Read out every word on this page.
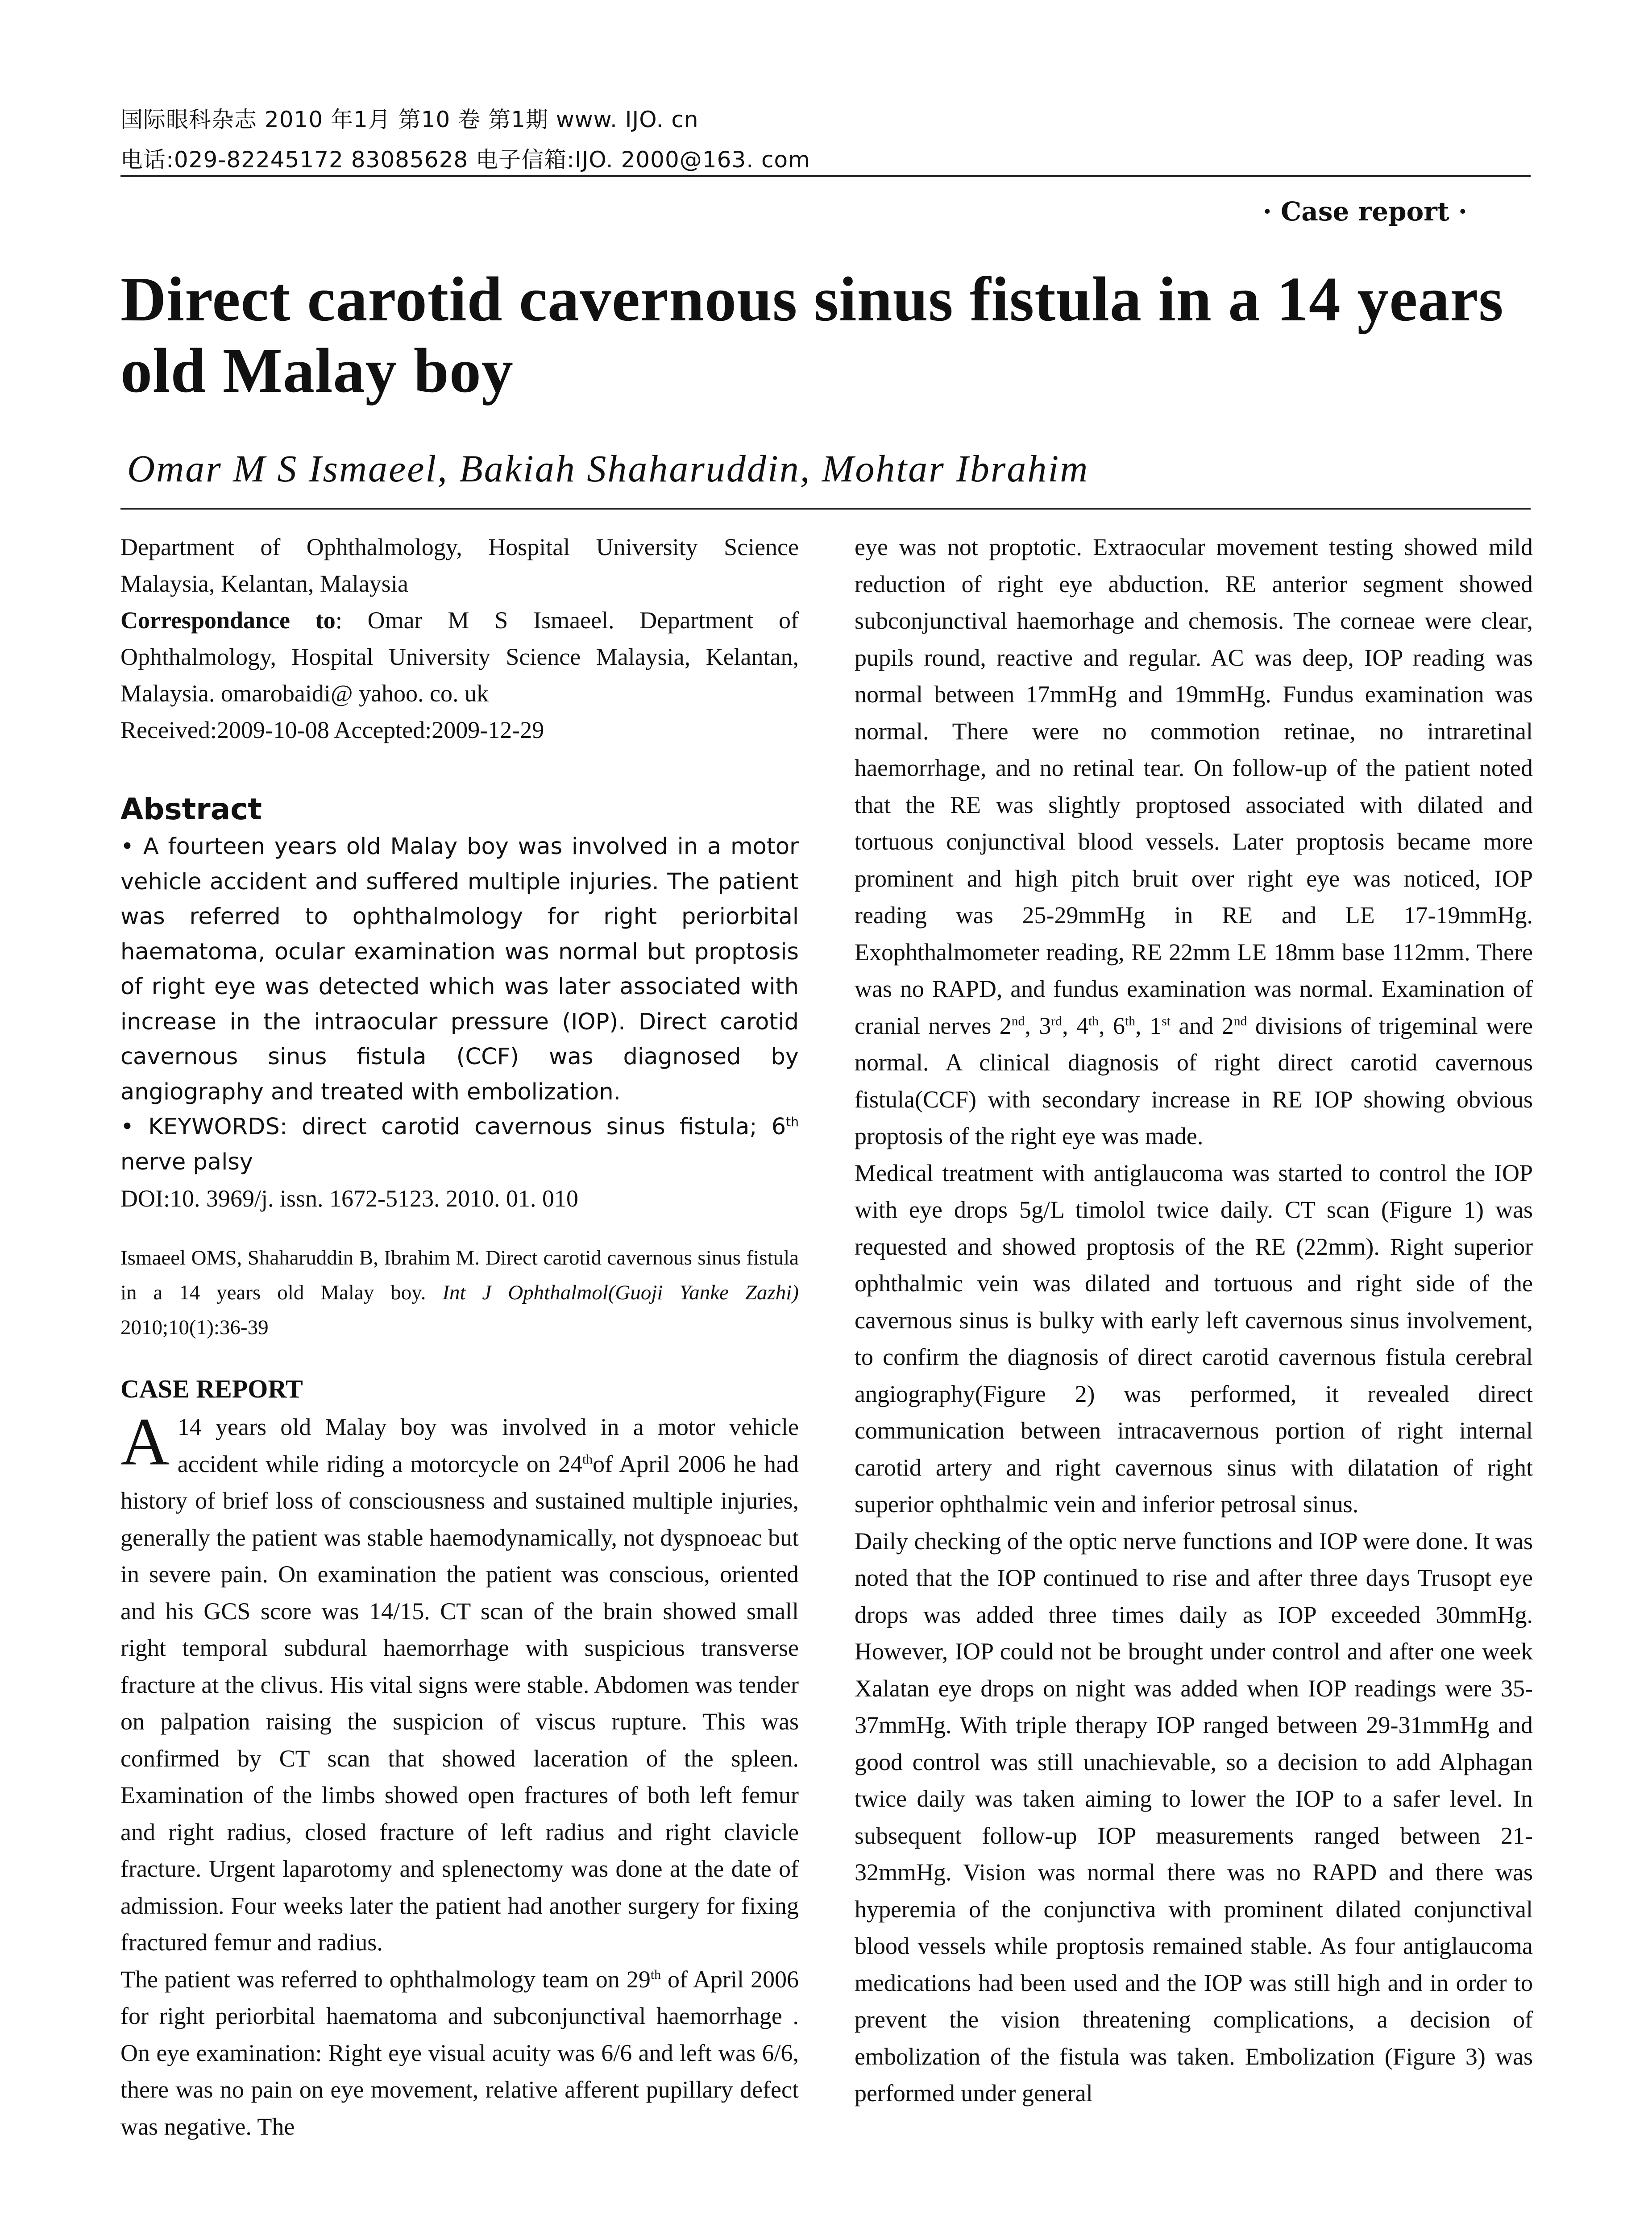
国际眼科杂志 2010 年1月 第10 卷 第1期 www. IJO. cn
电话:029-82245172 83085628 电子信箱:IJO. 2000@163. com
· Case report ·
Direct carotid cavernous sinus fistula in a 14 years old Malay boy
Omar M S Ismaeel, Bakiah Shaharuddin, Mohtar Ibrahim

Department of Ophthalmology, Hospital University Science Malaysia, Kelantan, Malaysia

Correspondance to: Omar M S Ismaeel. Department of Ophthalmology, Hospital University Science Malaysia, Kelantan, Malaysia. omarobaidi@ yahoo. co. uk

Received:2009-10-08 Accepted:2009-12-29

Abstract

• A fourteen years old Malay boy was involved in a motor vehicle accident and suffered multiple injuries. The patient was referred to ophthalmology for right periorbital haematoma, ocular examination was normal but proptosis of right eye was detected which was later associated with increase in the intraocular pressure (IOP). Direct carotid cavernous sinus fistula (CCF) was diagnosed by angiography and treated with embolization.

• KEYWORDS: direct carotid cavernous sinus fistula; 6th nerve palsy

DOI:10. 3969/j. issn. 1672-5123. 2010. 01. 010

Ismaeel OMS, Shaharuddin B, Ibrahim M. Direct carotid cavernous sinus fistula in a 14 years old Malay boy. Int J Ophthalmol(Guoji Yanke Zazhi) 2010;10(1):36-39

CASE REPORT

A 14 years old Malay boy was involved in a motor vehicle accident while riding a motorcycle on 24thof April 2006 he had history of brief loss of consciousness and sustained multiple injuries, generally the patient was stable haemodynamically, not dyspnoeac but in severe pain. On examination the patient was conscious, oriented and his GCS score was 14/15. CT scan of the brain showed small right temporal subdural haemorrhage with suspicious transverse fracture at the clivus. His vital signs were stable. Abdomen was tender on palpation raising the suspicion of viscus rupture. This was confirmed by CT scan that showed laceration of the spleen. Examination of the limbs showed open fractures of both left femur and right radius, closed fracture of left radius and right clavicle fracture. Urgent laparotomy and splenectomy was done at the date of admission. Four weeks later the patient had another surgery for fixing fractured femur and radius.

The patient was referred to ophthalmology team on 29th of April 2006 for right periorbital haematoma and subconjunctival haemorrhage . On eye examination: Right eye visual acuity was 6/6 and left was 6/6, there was no pain on eye movement, relative afferent pupillary defect was negative. The

eye was not proptotic. Extraocular movement testing showed mild reduction of right eye abduction. RE anterior segment showed subconjunctival haemorhage and chemosis. The corneae were clear, pupils round, reactive and regular. AC was deep, IOP reading was normal between 17mmHg and 19mmHg. Fundus examination was normal. There were no commotion retinae, no intraretinal haemorrhage, and no retinal tear. On follow-up of the patient noted that the RE was slightly proptosed associated with dilated and tortuous conjunctival blood vessels. Later proptosis became more prominent and high pitch bruit over right eye was noticed, IOP reading was 25-29mmHg in RE and LE 17-19mmHg. Exophthalmometer reading, RE 22mm LE 18mm base 112mm. There was no RAPD, and fundus examination was normal. Examination of cranial nerves 2nd, 3rd, 4th, 6th, 1st and 2nd divisions of trigeminal were normal. A clinical diagnosis of right direct carotid cavernous fistula(CCF) with secondary increase in RE IOP showing obvious proptosis of the right eye was made.

Medical treatment with antiglaucoma was started to control the IOP with eye drops 5g/L timolol twice daily. CT scan (Figure 1) was requested and showed proptosis of the RE (22mm). Right superior ophthalmic vein was dilated and tortuous and right side of the cavernous sinus is bulky with early left cavernous sinus involvement, to confirm the diagnosis of direct carotid cavernous fistula cerebral angiography(Figure 2) was performed, it revealed direct communication between intracavernous portion of right internal carotid artery and right cavernous sinus with dilatation of right superior ophthalmic vein and inferior petrosal sinus.

Daily checking of the optic nerve functions and IOP were done. It was noted that the IOP continued to rise and after three days Trusopt eye drops was added three times daily as IOP exceeded 30mmHg. However, IOP could not be brought under control and after one week Xalatan eye drops on night was added when IOP readings were 35-37mmHg. With triple therapy IOP ranged between 29-31mmHg and good control was still unachievable, so a decision to add Alphagan twice daily was taken aiming to lower the IOP to a safer level. In subsequent follow-up IOP measurements ranged between 21-32mmHg. Vision was normal there was no RAPD and there was hyperemia of the conjunctiva with prominent dilated conjunctival blood vessels while proptosis remained stable. As four antiglaucoma medications had been used and the IOP was still high and in order to prevent the vision threatening complications, a decision of embolization of the fistula was taken. Embolization (Figure 3) was performed under general
